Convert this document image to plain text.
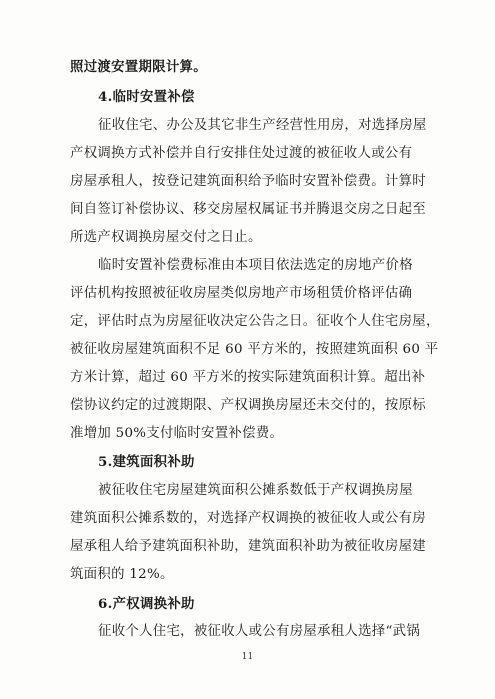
照过渡安置期限计算。
4.临时安置补偿
征收住宅、办公及其它非生产经营性用房，对选择房屋
产权调换方式补偿并自行安排住处过渡的被征收人或公有
房屋承租人，按登记建筑面积给予临时安置补偿费。计算时
间自签订补偿协议、移交房屋权属证书并腾退交房之日起至
所选产权调换房屋交付之日止。
临时安置补偿费标准由本项目依法选定的房地产价格
评估机构按照被征收房屋类似房地产市场租赁价格评估确
定，评估时点为房屋征收决定公告之日。征收个人住宅房屋，
被征收房屋建筑面积不足 60 平方米的，按照建筑面积 60 平
方米计算，超过 60 平方米的按实际建筑面积计算。超出补
偿协议约定的过渡期限、产权调换房屋还未交付的，按原标
准增加 50%支付临时安置补偿费。
5.建筑面积补助
被征收住宅房屋建筑面积公摊系数低于产权调换房屋
建筑面积公摊系数的，对选择产权调换的被征收人或公有房
屋承租人给予建筑面积补助，建筑面积补助为被征收房屋建
筑面积的 12%。
6.产权调换补助
征收个人住宅，被征收人或公有房屋承租人选择“武锅
11
